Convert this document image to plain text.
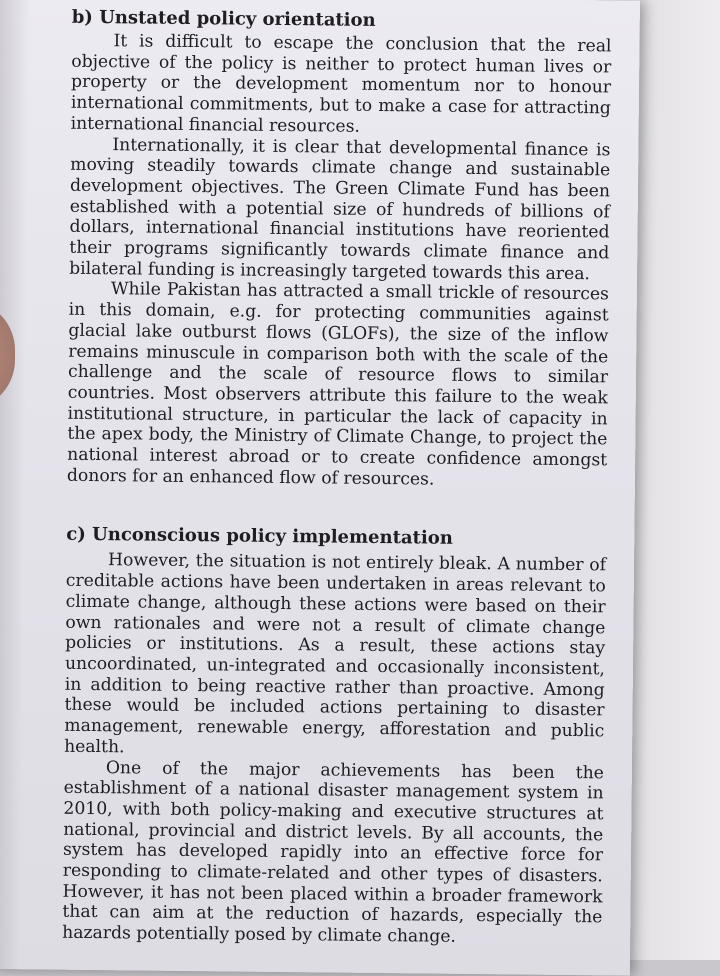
b) Unstated policy orientation

It is difficult to escape the conclusion that the real objective of the policy is neither to protect human lives or property or the development momentum nor to honour international commitments, but to make a case for attracting international financial resources.

Internationally, it is clear that developmental finance is moving steadily towards climate change and sustainable development objectives. The Green Climate Fund has been established with a potential size of hundreds of billions of dollars, international financial institutions have reoriented their programs significantly towards climate finance and bilateral funding is increasingly targeted towards this area.

While Pakistan has attracted a small trickle of resources in this domain, e.g. for protecting communities against glacial lake outburst flows (GLOFs), the size of the inflow remains minuscule in comparison both with the scale of the challenge and the scale of resource flows to similar countries. Most observers attribute this failure to the weak institutional structure, in particular the lack of capacity in the apex body, the Ministry of Climate Change, to project the national interest abroad or to create confidence amongst donors for an enhanced flow of resources.

c) Unconscious policy implementation

However, the situation is not entirely bleak. A number of creditable actions have been undertaken in areas relevant to climate change, although these actions were based on their own rationales and were not a result of climate change policies or institutions. As a result, these actions stay uncoordinated, un-integrated and occasionally inconsistent, in addition to being reactive rather than proactive. Among these would be included actions pertaining to disaster management, renewable energy, afforestation and public health.

One of the major achievements has been the establishment of a national disaster management system in 2010, with both policy-making and executive structures at national, provincial and district levels. By all accounts, the system has developed rapidly into an effective force for responding to climate-related and other types of disasters. However, it has not been placed within a broader framework that can aim at the reduction of hazards, especially the hazards potentially posed by climate change.
